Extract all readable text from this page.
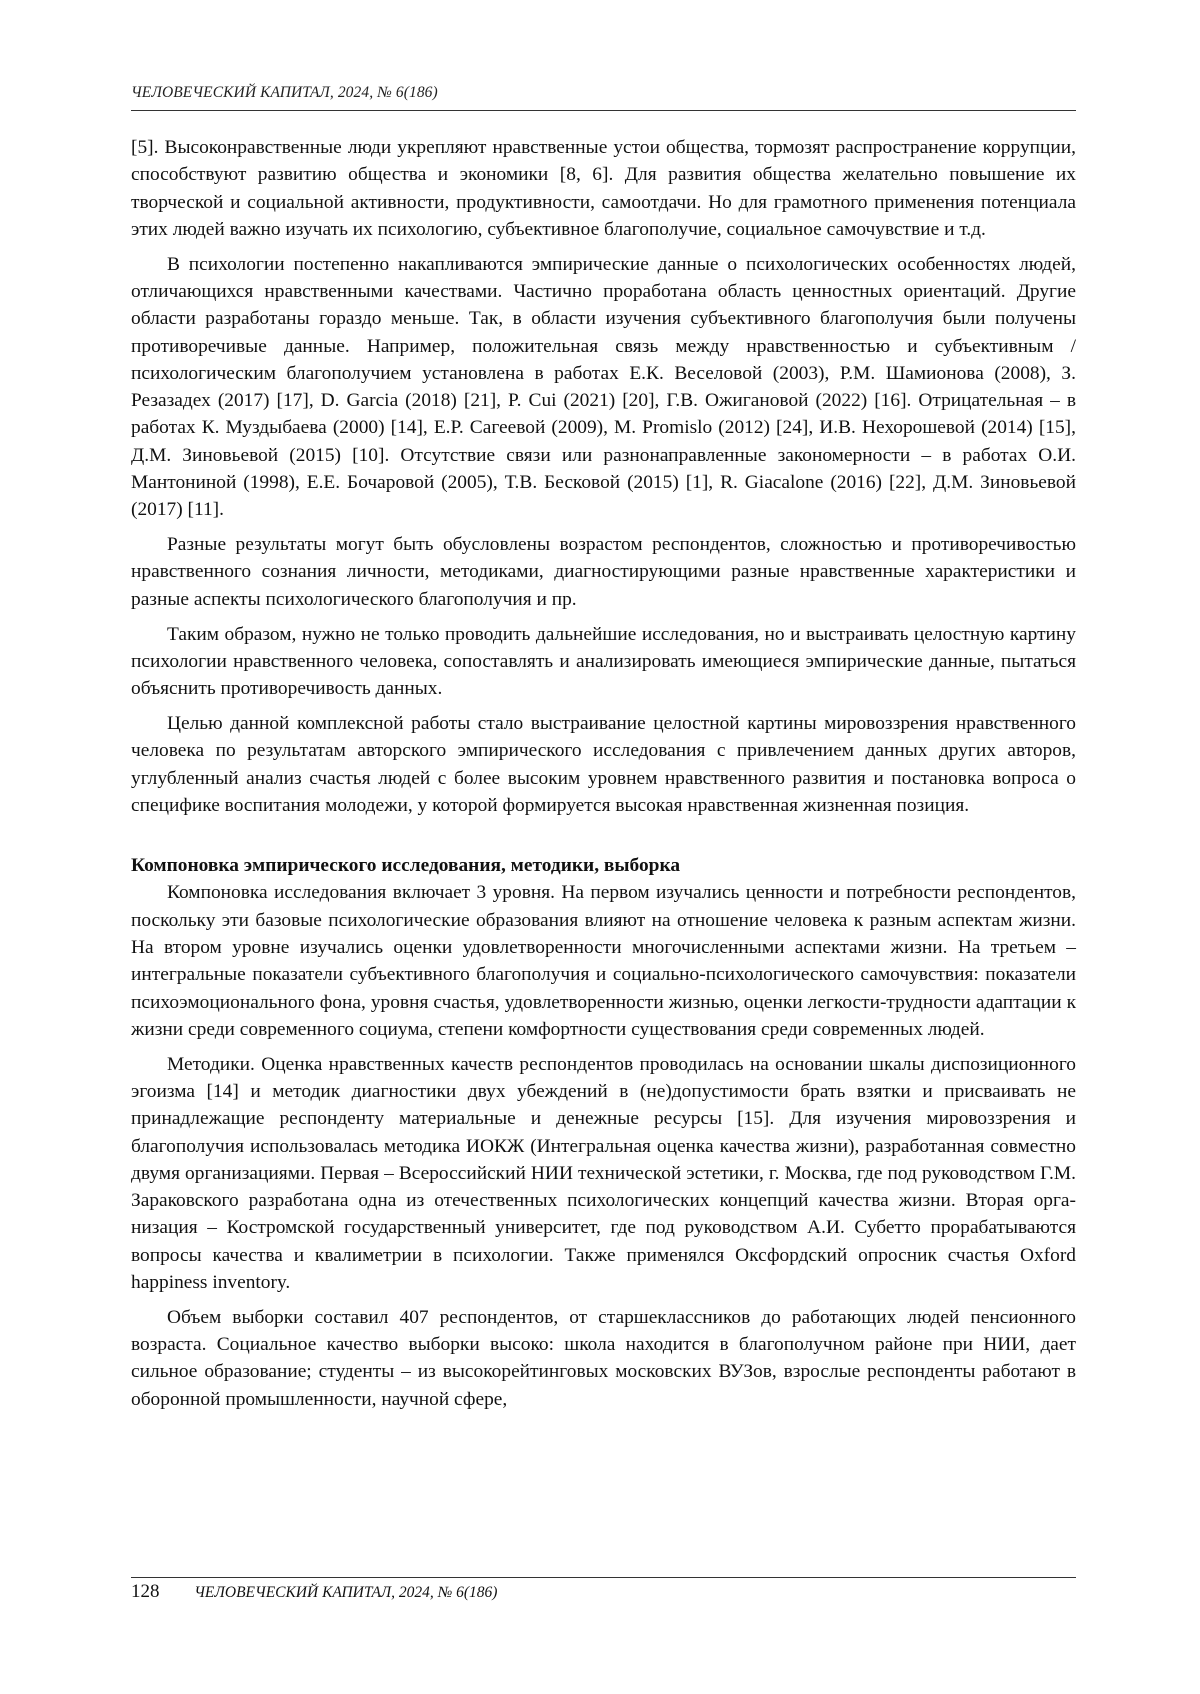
ЧЕЛОВЕЧЕСКИЙ КАПИТАЛ, 2024, № 6(186)

[5]. Высоконравственные люди укрепляют нравственные устои общества, тормозят распространение коррупции, способствуют развитию общества и экономики [8, 6]. Для развития общества желательно повышение их творческой и социальной активности, продуктивности, самоотдачи. Но для грамотного применения потенциала этих людей важно изучать их психологию, субъективное благополучие, социальное самочувствие и т.д.

В психологии постепенно накапливаются эмпирические данные о психологических особенностях людей, отличающихся нравственными качествами. Частично проработана область ценностных ориентаций. Другие области разработаны гораздо меньше. Так, в области изучения субъективного благополучия были получены противоречивые данные. Например, положительная связь между нравственностью и субъективным / психологическим благополучием установлена в работах Е.К. Веселовой (2003), Р.М. Шамионова (2008), З. Резазадех (2017) [17], D. Garcia (2018) [21], P. Cui (2021) [20], Г.В. Ожигановой (2022) [16]. Отрицательная – в работах К. Муздыбаева (2000) [14], Е.Р. Сагеевой (2009), M. Promislo (2012) [24], И.В. Нехорошевой (2014) [15], Д.М. Зиновьевой (2015) [10]. Отсутствие связи или разнонаправленные закономерности – в работах О.И. Мантониной (1998), Е.Е. Бочаровой (2005), Т.В. Бесковой (2015) [1], R. Giacalone (2016) [22], Д.М. Зиновьевой (2017) [11].

Разные результаты могут быть обусловлены возрастом респондентов, сложностью и противоречивостью нравственного сознания личности, методиками, диагностирующими разные нравственные характеристики и разные аспекты психологического благополучия и пр.

Таким образом, нужно не только проводить дальнейшие исследования, но и выстраивать целостную картину психологии нравственного человека, сопоставлять и анализировать имеющиеся эмпирические данные, пытаться объяснить противоречивость данных.

Целью данной комплексной работы стало выстраивание целостной картины мировоззрения нравственного человека по результатам авторского эмпирического исследования с привлечением данных других авторов, углубленный анализ счастья людей с более высоким уровнем нравственного развития и постановка вопроса о специфике воспитания молодежи, у которой формируется высокая нравственная жизненная позиция.

Компоновка эмпирического исследования, методики, выборка

Компоновка исследования включает 3 уровня. На первом изучались ценности и потребности респондентов, поскольку эти базовые психологические образования влияют на отношение человека к разным аспектам жизни. На втором уровне изучались оценки удовлетворенности многочисленными аспектами жизни. На третьем – интегральные показатели субъективного благополучия и социально-психологического самочувствия: показатели психоэмоционального фона, уровня счастья, удовлетворенности жизнью, оценки легкости-трудности адаптации к жизни среди современного социума, степени комфортности существования среди современных людей.

Методики. Оценка нравственных качеств респондентов проводилась на основании шкалы диспозиционного эгоизма [14] и методик диагностики двух убеждений в (не)допустимости брать взятки и присваивать не принадлежащие респонденту материальные и денежные ресурсы [15]. Для изучения мировоззрения и благополучия использовалась методика ИОКЖ (Интегральная оценка качества жизни), разработанная совместно двумя организациями. Первая – Всероссийский НИИ технической эстетики, г. Москва, где под руководством Г.М. Зараковского разработана одна из отечественных психологических концепций качества жизни. Вторая организация – Костромской государственный университет, где под руководством А.И. Субетто прорабатываются вопросы качества и квалиметрии в психологии. Также применялся Оксфордский опросник счастья Oxford happiness inventory.

Объем выборки составил 407 респондентов, от старшеклассников до работающих людей пенсионного возраста. Социальное качество выборки высоко: школа находится в благополучном районе при НИИ, дает сильное образование; студенты – из высокорейтинговых московских ВУЗов, взрослые респонденты работают в оборонной промышленности, научной сфере,

128 ЧЕЛОВЕЧЕСКИЙ КАПИТАЛ, 2024, № 6(186)
